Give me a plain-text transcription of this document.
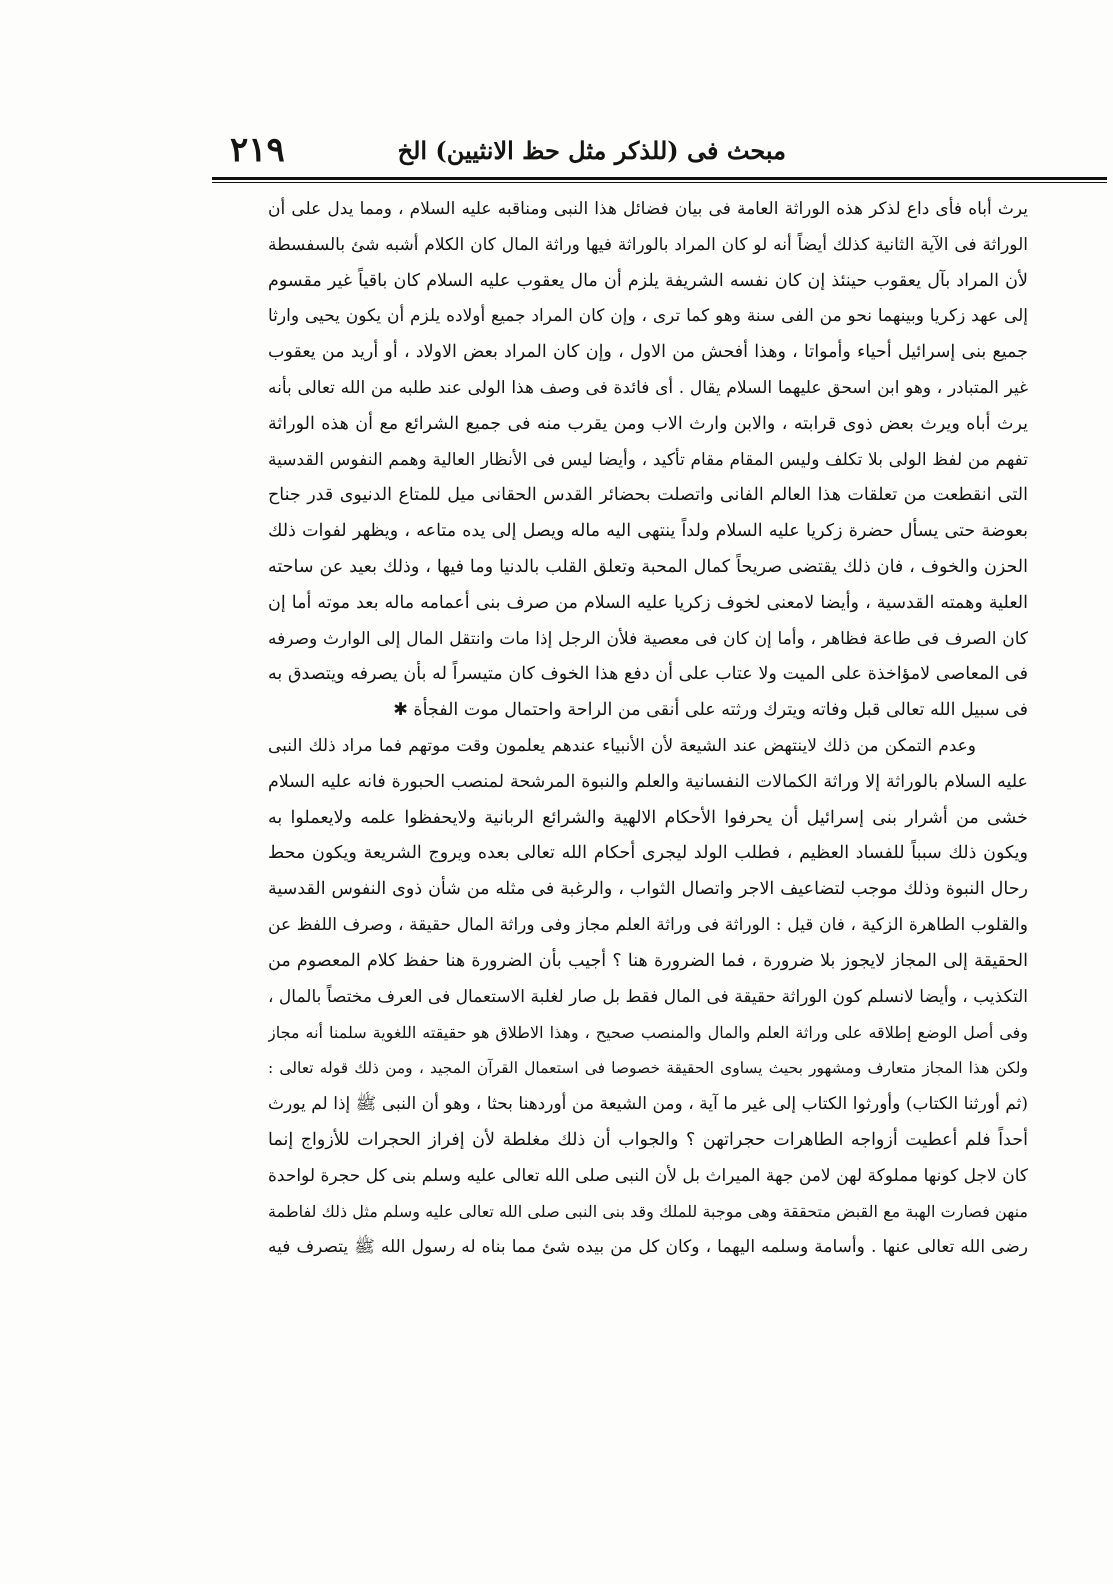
٢١٩	مبحث فى (للذكر مثل حظ الانثيين) الخ
يرث أباه فأى داع لذكر هذه الوراثة العامة فى بيان فضائل هذا النبى ومناقبه عليه السلام ، ومما يدل على أن
الوراثة فى الآية الثانية كذلك أيضاً أنه لو كان المراد بالوراثة فيها وراثة المال كان الكلام أشبه شئ بالسفسطة
لأن المراد بآل يعقوب حينئذ إن كان نفسه الشريفة يلزم أن مال يعقوب عليه السلام كان باقياً غير مقسوم
إلى عهد زكريا وبينهما نحو من الفى سنة وهو كما ترى ، وإن كان المراد جميع أولاده يلزم أن يكون يحيى وارثا
جميع بنى إسرائيل أحياء وأمواتا ، وهذا أفحش من الاول ، وإن كان المراد بعض الاولاد ، أو أريد من يعقوب
غير المتبادر ، وهو ابن اسحق عليهما السلام يقال . أى فائدة فى وصف هذا الولى عند طلبه من الله تعالى بأنه
يرث أباه ويرث بعض ذوى قرابته ، والابن وارث الاب ومن يقرب منه فى جميع الشرائع مع أن هذه الوراثة
تفهم من لفظ الولى بلا تكلف وليس المقام مقام تأكيد ، وأيضا ليس فى الأنظار العالية وهمم النفوس القدسية
التى انقطعت من تعلقات هذا العالم الفانى واتصلت بحضائر القدس الحقانى ميل للمتاع الدنيوى قدر جناح
بعوضة حتى يسأل حضرة زكريا عليه السلام ولداً ينتهى اليه ماله ويصل إلى يده متاعه ، ويظهر لفوات ذلك
الحزن والخوف ، فان ذلك يقتضى صريحاً كمال المحبة وتعلق القلب بالدنيا وما فيها ، وذلك بعيد عن ساحته
العلية وهمته القدسية ، وأيضا لامعنى لخوف زكريا عليه السلام من صرف بنى أعمامه ماله بعد موته أما إن
كان الصرف فى طاعة فظاهر ، وأما إن كان فى معصية فلأن الرجل إذا مات وانتقل المال إلى الوارث وصرفه
فى المعاصى لامؤاخذة على الميت ولا عتاب على أن دفع هذا الخوف كان متيسراً له بأن يصرفه ويتصدق به
فى سبيل الله تعالى قبل وفاته ويترك ورثته على أنقى من الراحة واحتمال موت الفجأة ✱
وعدم التمكن من ذلك لاينتهض عند الشيعة لأن الأنبياء عندهم يعلمون وقت موتهم فما مراد ذلك النبى
عليه السلام بالوراثة إلا وراثة الكمالات النفسانية والعلم والنبوة المرشحة لمنصب الحبورة فانه عليه السلام
خشى من أشرار بنى إسرائيل أن يحرفوا الأحكام الالهية والشرائع الربانية ولايحفظوا علمه ولايعملوا به
ويكون ذلك سبباً للفساد العظيم ، فطلب الولد ليجرى أحكام الله تعالى بعده ويروج الشريعة ويكون محط
رحال النبوة وذلك موجب لتضاعيف الاجر واتصال الثواب ، والرغبة فى مثله من شأن ذوى النفوس القدسية
والقلوب الطاهرة الزكية ، فان قيل : الوراثة فى وراثة العلم مجاز وفى وراثة المال حقيقة ، وصرف اللفظ عن
الحقيقة إلى المجاز لايجوز بلا ضرورة ، فما الضرورة هنا ؟ أجيب بأن الضرورة هنا حفظ كلام المعصوم من
التكذيب ، وأيضا لانسلم كون الوراثة حقيقة فى المال فقط بل صار لغلبة الاستعمال فى العرف مختصاً بالمال ،
وفى أصل الوضع إطلاقه على وراثة العلم والمال والمنصب صحيح ، وهذا الاطلاق هو حقيقته اللغوية سلمنا أنه مجاز
ولكن هذا المجاز متعارف ومشهور بحيث يساوى الحقيقة خصوصا فى استعمال القرآن المجيد ، ومن ذلك قوله تعالى :
(ثم أورثنا الكتاب) وأورثوا الكتاب إلى غير ما آية ، ومن الشيعة من أوردهنا بحثا ، وهو أن النبى ﷺ إذا لم يورث
أحداً فلم أعطيت أزواجه الطاهرات حجراتهن ؟ والجواب أن ذلك مغلطة لأن إفراز الحجرات للأزواج إنما
كان لاجل كونها مملوكة لهن لامن جهة الميراث بل لأن النبى صلى الله تعالى عليه وسلم بنى كل حجرة لواحدة
منهن فصارت الهبة مع القبض متحققة وهى موجبة للملك وقد بنى النبى صلى الله تعالى عليه وسلم مثل ذلك لفاطمة
رضى الله تعالى عنها . وأسامة وسلمه اليهما ، وكان كل من بيده شئ مما بناه له رسول الله ﷺ يتصرف فيه
